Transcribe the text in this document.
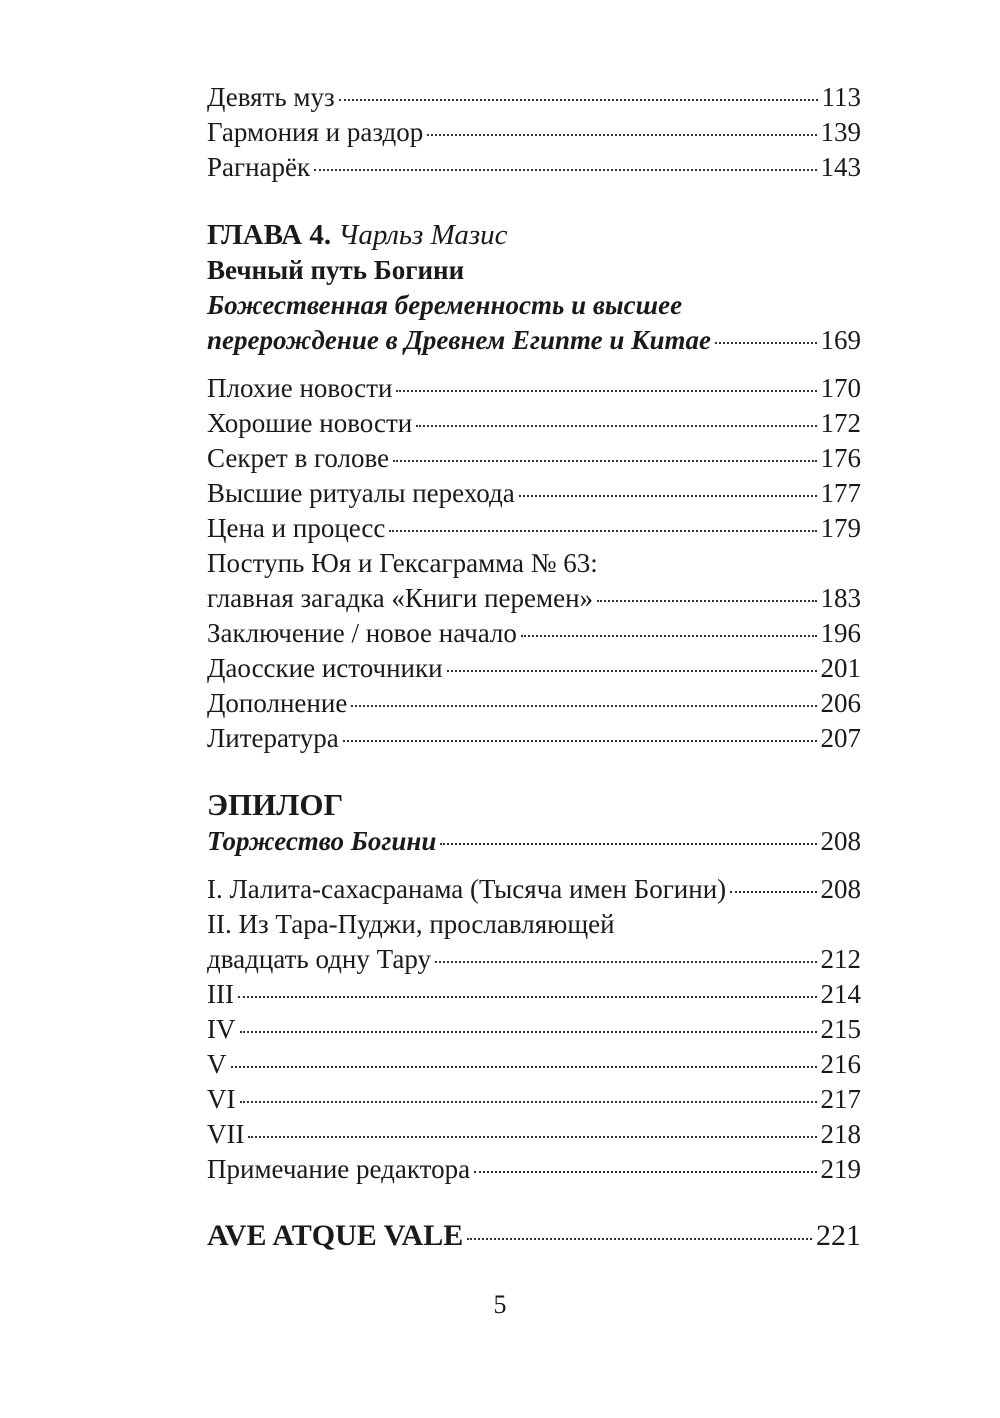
Девять муз	113
Гармония и раздор	139
Рагнарёк	143
ГЛАВА 4. Чарльз Мазис
Вечный путь Богини
Божественная беременность и высшее
перерождение в Древнем Египте и Китае	169
Плохие новости	170
Хорошие новости	172
Секрет в голове	176
Высшие ритуалы перехода	177
Цена и процесс	179
Поступь Юя и Гексаграмма № 63:
главная загадка «Книги перемен»	183
Заключение / новое начало	196
Даосские источники	201
Дополнение	206
Литература	207
ЭПИЛОГ
Торжество Богини	208
I. Лалита-сахасранама (Тысяча имен Богини)	208
II. Из Тара-Пуджи, прославляющей
двадцать одну Тару	212
III	214
IV	215
V	216
VI	217
VII	218
Примечание редактора	219
AVE ATQUE VALE	221
5
